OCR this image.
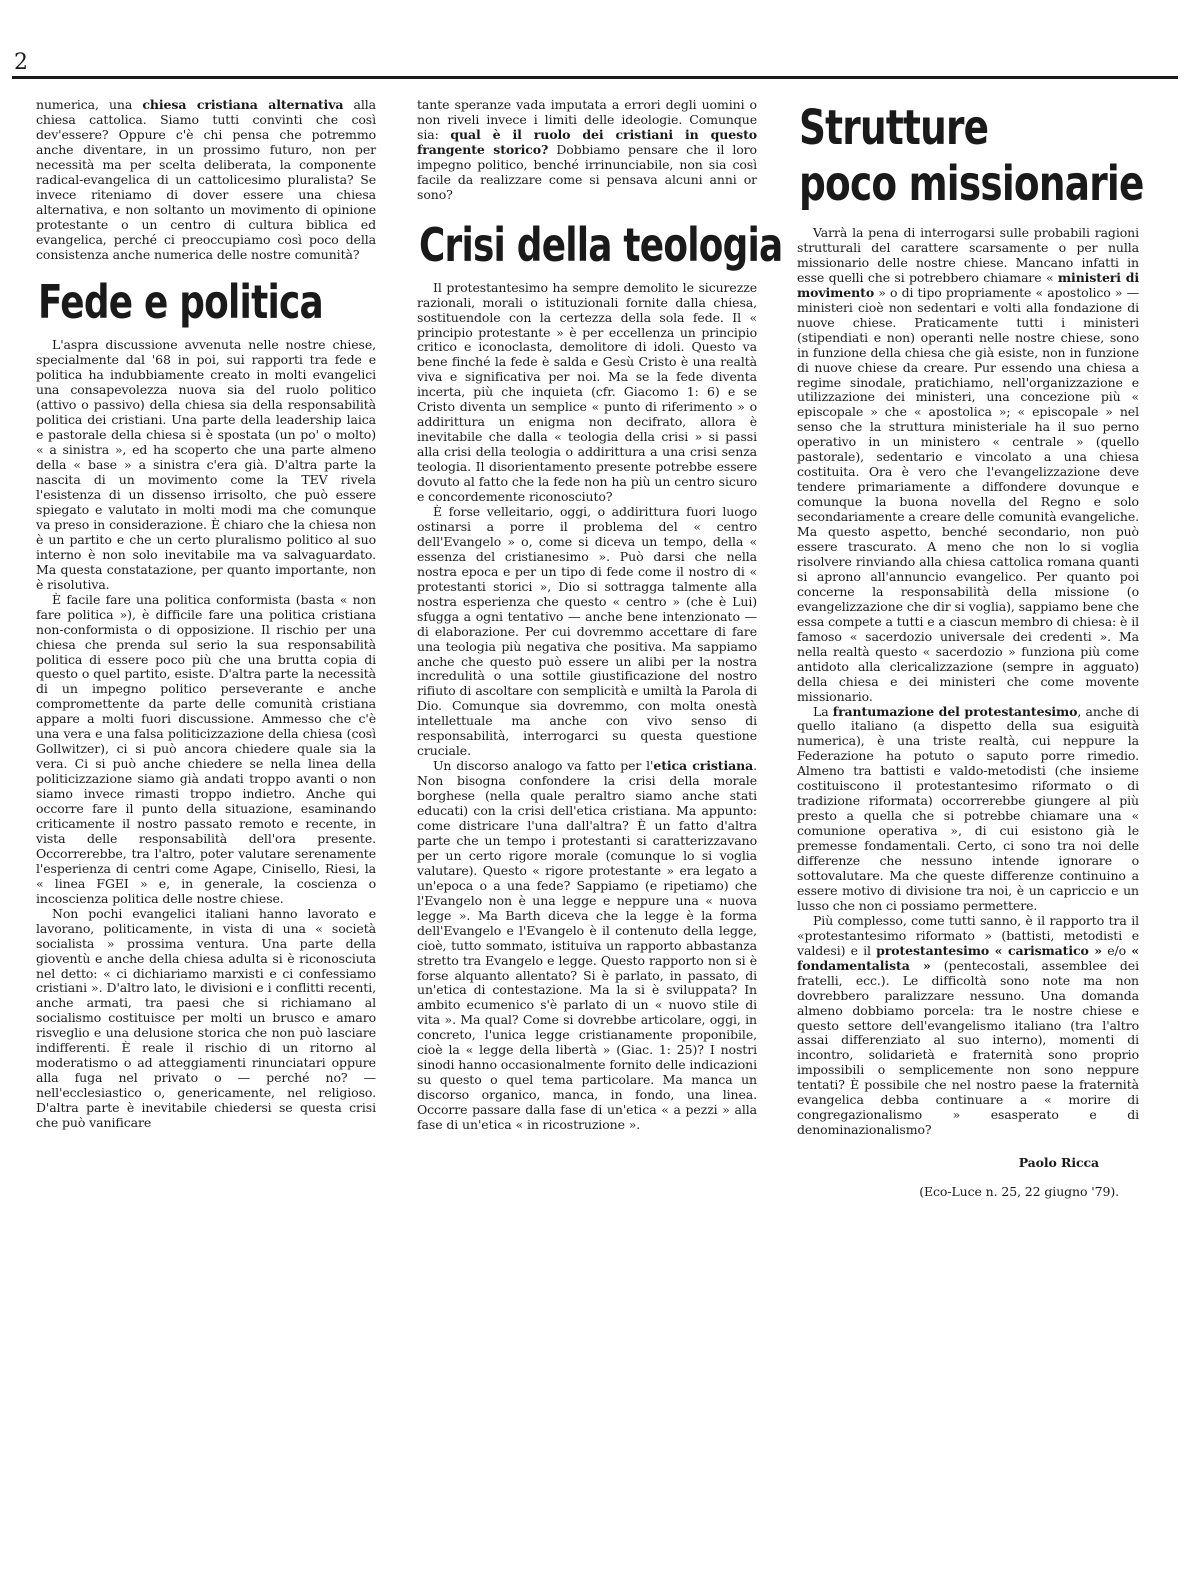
2

numerica, una chiesa cristiana alternativa alla chiesa cattolica. Siamo tutti convinti che così dev'essere? Oppure c'è chi pensa che potremmo anche diventare, in un prossimo futuro, non per necessità ma per scelta deliberata, la componente radical-evangelica di un cattolicesimo pluralista? Se invece riteniamo di dover essere una chiesa alternativa, e non soltanto un movimento di opinione protestante o un centro di cultura biblica ed evangelica, perché ci preoccupiamo così poco della consistenza anche numerica delle nostre comunità?

Fede e politica

L'aspra discussione avvenuta nelle nostre chiese, specialmente dal '68 in poi, sui rapporti tra fede e politica ha indubbiamente creato in molti evangelici una consapevolezza nuova sia del ruolo politico (attivo o passivo) della chiesa sia della responsabilità politica dei cristiani. Una parte della leadership laica e pastorale della chiesa si è spostata (un po' o molto) « a sinistra », ed ha scoperto che una parte almeno della « base » a sinistra c'era già. D'altra parte la nascita di un movimento come la TEV rivela l'esistenza di un dissenso irrisolto, che può essere spiegato e valutato in molti modi ma che comunque va preso in considerazione. È chiaro che la chiesa non è un partito e che un certo pluralismo politico al suo interno è non solo inevitabile ma va salvaguardato. Ma questa constatazione, per quanto importante, non è risolutiva.

È facile fare una politica conformista (basta « non fare politica »), è difficile fare una politica cristiana non-conformista o di opposizione. Il rischio per una chiesa che prenda sul serio la sua responsabilità politica di essere poco più che una brutta copia di questo o quel partito, esiste. D'altra parte la necessità di un impegno politico perseverante e anche compromettente da parte delle comunità cristiana appare a molti fuori discussione. Ammesso che c'è una vera e una falsa politicizzazione della chiesa (così Gollwitzer), ci si può ancora chiedere quale sia la vera. Ci si può anche chiedere se nella linea della politicizzazione siamo già andati troppo avanti o non siamo invece rimasti troppo indietro. Anche qui occorre fare il punto della situazione, esaminando criticamente il nostro passato remoto e recente, in vista delle responsabilità dell'ora presente. Occorrerebbe, tra l'altro, poter valutare serenamente l'esperienza di centri come Agape, Cinisello, Riesi, la « linea FGEI » e, in generale, la coscienza o incoscienza politica delle nostre chiese.

Non pochi evangelici italiani hanno lavorato e lavorano, politicamente, in vista di una « società socialista » prossima ventura. Una parte della gioventù e anche della chiesa adulta si è riconosciuta nel detto: « ci dichiariamo marxisti e ci confessiamo cristiani ». D'altro lato, le divisioni e i conflitti recenti, anche armati, tra paesi che si richiamano al socialismo costituisce per molti un brusco e amaro risveglio e una delusione storica che non può lasciare indifferenti. È reale il rischio di un ritorno al moderatismo o ad atteggiamenti rinunciatari oppure alla fuga nel privato o — perché no? — nell'ecclesiastico o, genericamente, nel religioso. D'altra parte è inevitabile chiedersi se questa crisi che può vanificare

tante speranze vada imputata a errori degli uomini o non riveli invece i limiti delle ideologie. Comunque sia: qual è il ruolo dei cristiani in questo frangente storico? Dobbiamo pensare che il loro impegno politico, benché irrinunciabile, non sia così facile da realizzare come si pensava alcuni anni or sono?

Crisi della teologia

Il protestantesimo ha sempre demolito le sicurezze razionali, morali o istituzionali fornite dalla chiesa, sostituendole con la certezza della sola fede. Il « principio protestante » è per eccellenza un principio critico e iconoclasta, demolitore di idoli. Questo va bene finché la fede è salda e Gesù Cristo è una realtà viva e significativa per noi. Ma se la fede diventa incerta, più che inquieta (cfr. Giacomo 1: 6) e se Cristo diventa un semplice « punto di riferimento » o addirittura un enigma non decifrato, allora è inevitabile che dalla « teologia della crisi » si passi alla crisi della teologia o addirittura a una crisi senza teologia. Il disorientamento presente potrebbe essere dovuto al fatto che la fede non ha più un centro sicuro e concordemente riconosciuto?

È forse velleitario, oggi, o addirittura fuori luogo ostinarsi a porre il problema del « centro dell'Evangelo » o, come si diceva un tempo, della « essenza del cristianesimo ». Può darsi che nella nostra epoca e per un tipo di fede come il nostro di « protestanti storici », Dio si sottragga talmente alla nostra esperienza che questo « centro » (che è Lui) sfugga a ogni tentativo — anche bene intenzionato — di elaborazione. Per cui dovremmo accettare di fare una teologia più negativa che positiva. Ma sappiamo anche che questo può essere un alibi per la nostra incredulità o una sottile giustificazione del nostro rifiuto di ascoltare con semplicità e umiltà la Parola di Dio. Comunque sia dovremmo, con molta onestà intellettuale ma anche con vivo senso di responsabilità, interrogarci su questa questione cruciale.

Un discorso analogo va fatto per l'etica cristiana. Non bisogna confondere la crisi della morale borghese (nella quale peraltro siamo anche stati educati) con la crisi dell'etica cristiana. Ma appunto: come districare l'una dall'altra? È un fatto d'altra parte che un tempo i protestanti si caratterizzavano per un certo rigore morale (comunque lo si voglia valutare). Questo « rigore protestante » era legato a un'epoca o a una fede? Sappiamo (e ripetiamo) che l'Evangelo non è una legge e neppure una « nuova legge ». Ma Barth diceva che la legge è la forma dell'Evangelo e l'Evangelo è il contenuto della legge, cioè, tutto sommato, istituiva un rapporto abbastanza stretto tra Evangelo e legge. Questo rapporto non si è forse alquanto allentato? Si è parlato, in passato, di un'etica di contestazione. Ma la si è sviluppata? In ambito ecumenico s'è parlato di un « nuovo stile di vita ». Ma qual? Come si dovrebbe articolare, oggi, in concreto, l'unica legge cristianamente proponibile, cioè la « legge della libertà » (Giac. 1: 25)? I nostri sinodi hanno occasionalmente fornito delle indicazioni su questo o quel tema particolare. Ma manca un discorso organico, manca, in fondo, una linea. Occorre passare dalla fase di un'etica « a pezzi » alla fase di un'etica « in ricostruzione ».

Strutture
poco missionarie

Varrà la pena di interrogarsi sulle probabili ragioni strutturali del carattere scarsamente o per nulla missionario delle nostre chiese. Mancano infatti in esse quelli che si potrebbero chiamare « ministeri di movimento » o di tipo propriamente « apostolico » — ministeri cioè non sedentari e volti alla fondazione di nuove chiese. Praticamente tutti i ministeri (stipendiati e non) operanti nelle nostre chiese, sono in funzione della chiesa che già esiste, non in funzione di nuove chiese da creare. Pur essendo una chiesa a regime sinodale, pratichiamo, nell'organizzazione e utilizzazione dei ministeri, una concezione più « episcopale » che « apostolica »; « episcopale » nel senso che la struttura ministeriale ha il suo perno operativo in un ministero « centrale » (quello pastorale), sedentario e vincolato a una chiesa costituita. Ora è vero che l'evangelizzazione deve tendere primariamente a diffondere dovunque e comunque la buona novella del Regno e solo secondariamente a creare delle comunità evangeliche. Ma questo aspetto, benché secondario, non può essere trascurato. A meno che non lo si voglia risolvere rinviando alla chiesa cattolica romana quanti si aprono all'annuncio evangelico. Per quanto poi concerne la responsabilità della missione (o evangelizzazione che dir si voglia), sappiamo bene che essa compete a tutti e a ciascun membro di chiesa: è il famoso « sacerdozio universale dei credenti ». Ma nella realtà questo « sacerdozio » funziona più come antidoto alla clericalizzazione (sempre in agguato) della chiesa e dei ministeri che come movente missionario.

La frantumazione del protestantesimo, anche di quello italiano (a dispetto della sua esiguità numerica), è una triste realtà, cui neppure la Federazione ha potuto o saputo porre rimedio. Almeno tra battisti e valdo-metodisti (che insieme costituiscono il protestantesimo riformato o di tradizione riformata) occorrerebbe giungere al più presto a quella che si potrebbe chiamare una « comunione operativa », di cui esistono già le premesse fondamentali. Certo, ci sono tra noi delle differenze che nessuno intende ignorare o sottovalutare. Ma che queste differenze continuino a essere motivo di divisione tra noi, è un capriccio e un lusso che non ci possiamo permettere.

Più complesso, come tutti sanno, è il rapporto tra il «protestantesimo riformato » (battisti, metodisti e valdesi) e il protestantesimo « carismatico » e/o « fondamentalista » (pentecostali, assemblee dei fratelli, ecc.). Le difficoltà sono note ma non dovrebbero paralizzare nessuno. Una domanda almeno dobbiamo porcela: tra le nostre chiese e questo settore dell'evangelismo italiano (tra l'altro assai differenziato al suo interno), momenti di incontro, solidarietà e fraternità sono proprio impossibili o semplicemente non sono neppure tentati? È possibile che nel nostro paese la fraternità evangelica debba continuare a « morire di congregazionalismo » esasperato e di denominazionalismo?

Paolo Ricca

(Eco-Luce n. 25, 22 giugno '79).
